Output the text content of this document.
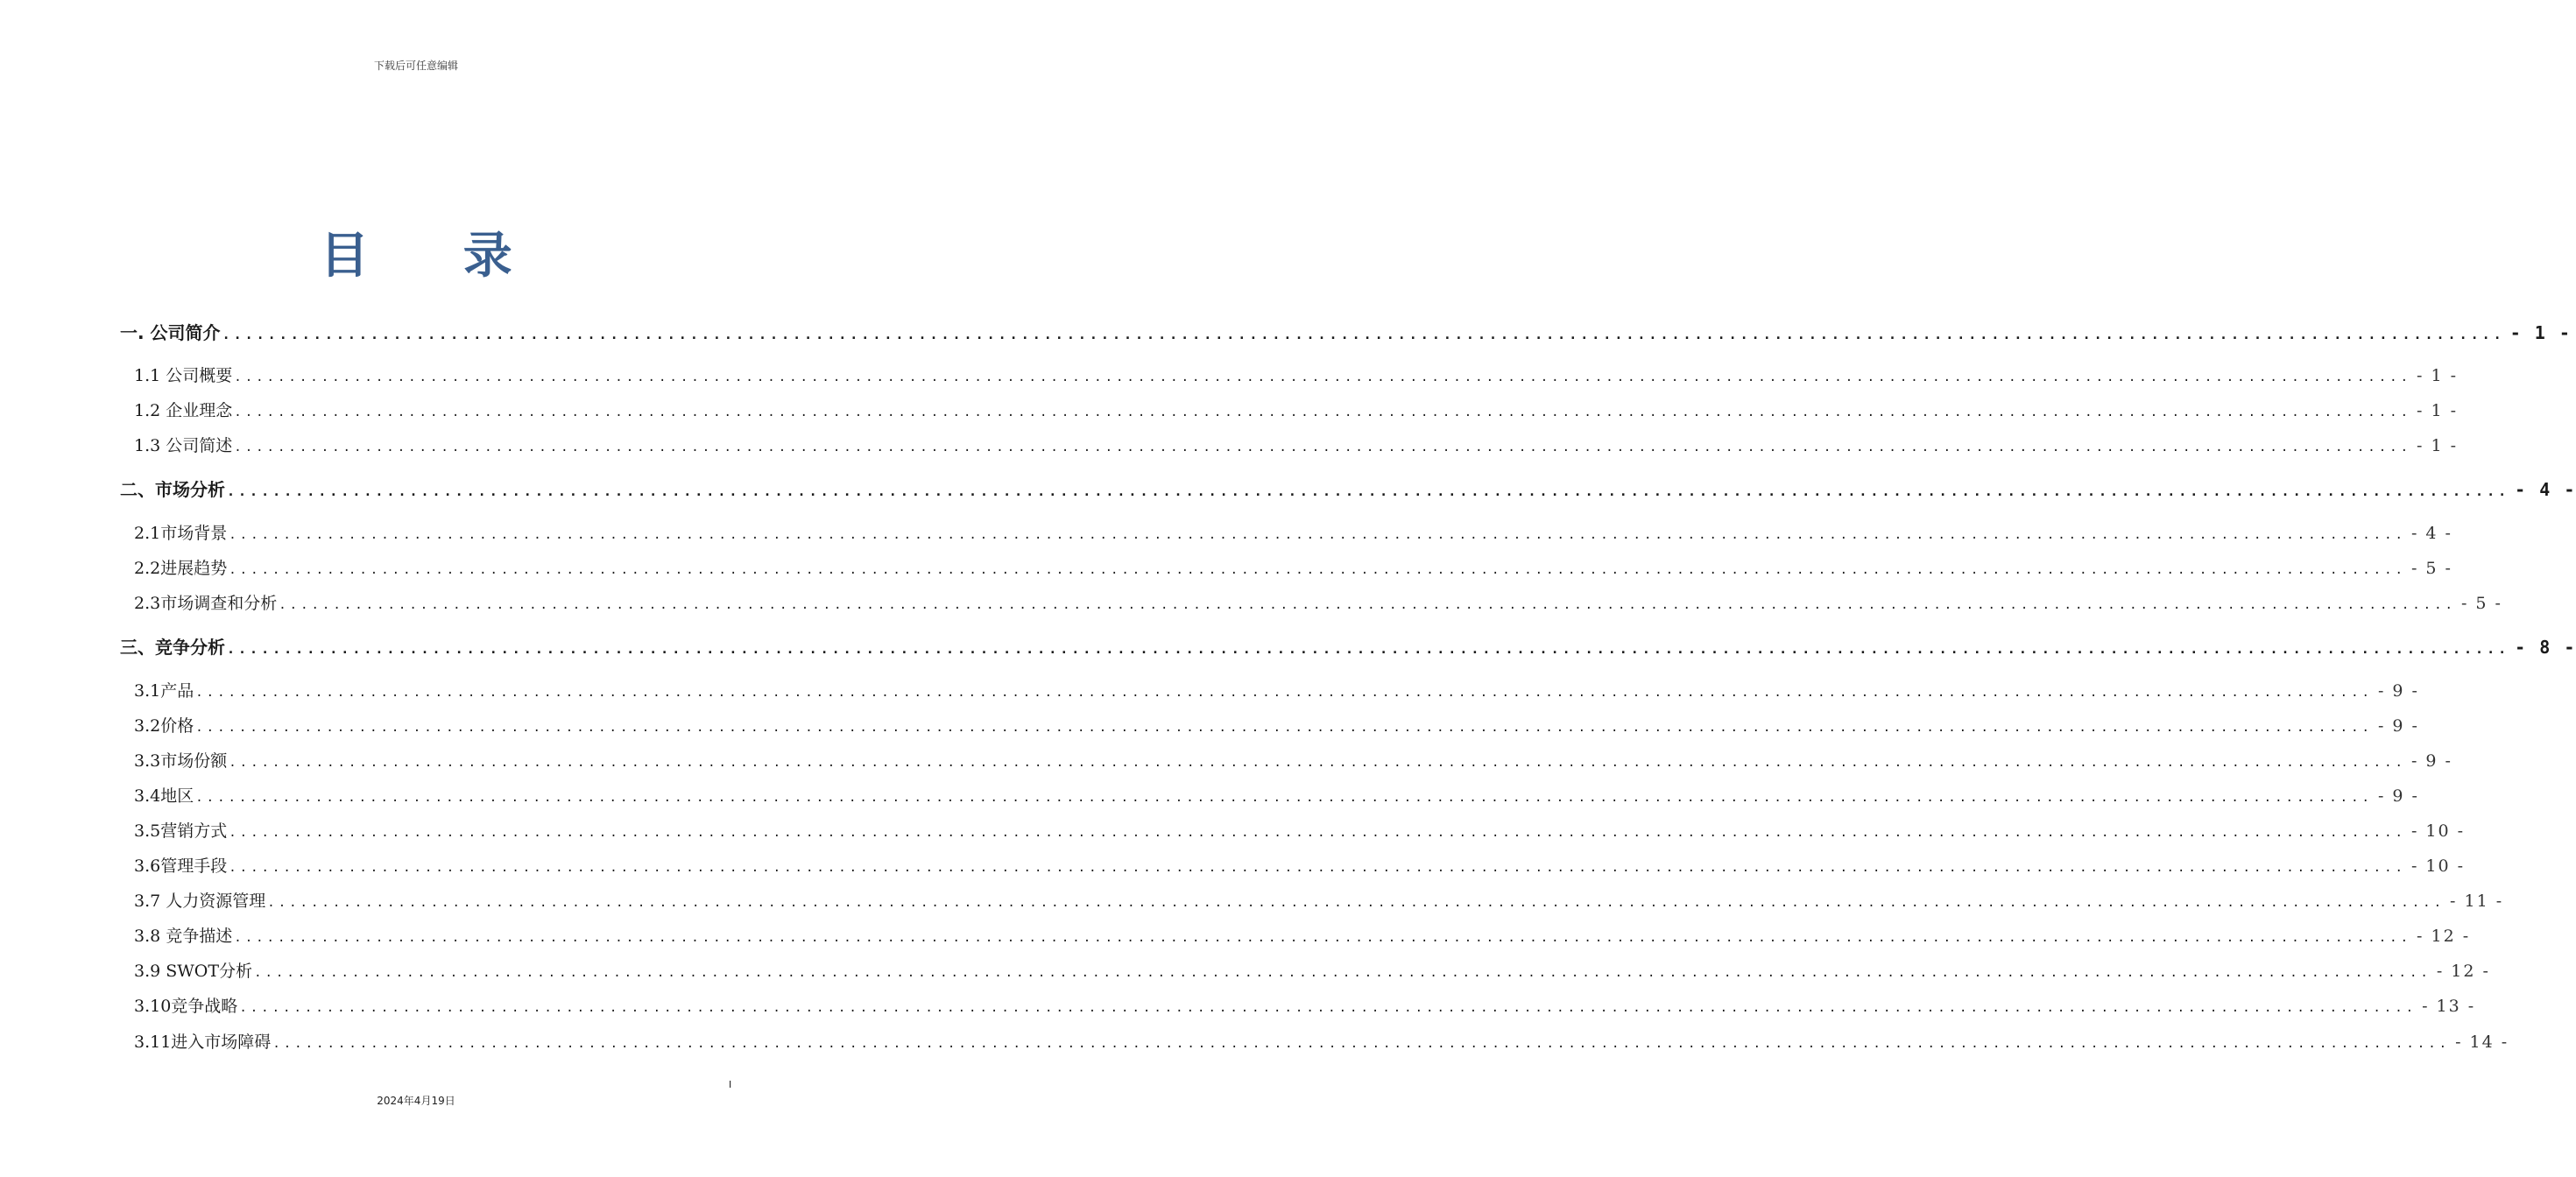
下载后可任意编辑
目 录
一. 公司简介 ........................................................................................................................................................................................................ - 1 -
1.1 公司概要 ........................................................................................................................................................................................................ - 1 -
1.2 企业理念 ........................................................................................................................................................................................................ - 1 -
1.3 公司简述 ........................................................................................................................................................................................................ - 1 -
二、市场分析 ........................................................................................................................................................................................................ - 4 -
2.1市场背景 ........................................................................................................................................................................................................ - 4 -
2.2进展趋势 ........................................................................................................................................................................................................ - 5 -
2.3市场调查和分析 ........................................................................................................................................................................................................ - 5 -
三、竞争分析 ........................................................................................................................................................................................................ - 8 -
3.1产品 ........................................................................................................................................................................................................ - 9 -
3.2价格 ........................................................................................................................................................................................................ - 9 -
3.3市场份额 ........................................................................................................................................................................................................ - 9 -
3.4地区 ........................................................................................................................................................................................................ - 9 -
3.5营销方式 ........................................................................................................................................................................................................ - 10 -
3.6管理手段 ........................................................................................................................................................................................................ - 10 -
3.7 人力资源管理 ........................................................................................................................................................................................................ - 11 -
3.8 竞争描述 ........................................................................................................................................................................................................ - 12 -
3.9 SWOT分析 ........................................................................................................................................................................................................ - 12 -
3.10竞争战略 ........................................................................................................................................................................................................ - 13 -
3.11进入市场障碍 ........................................................................................................................................................................................................ - 14 -
I
2024年4月19日
